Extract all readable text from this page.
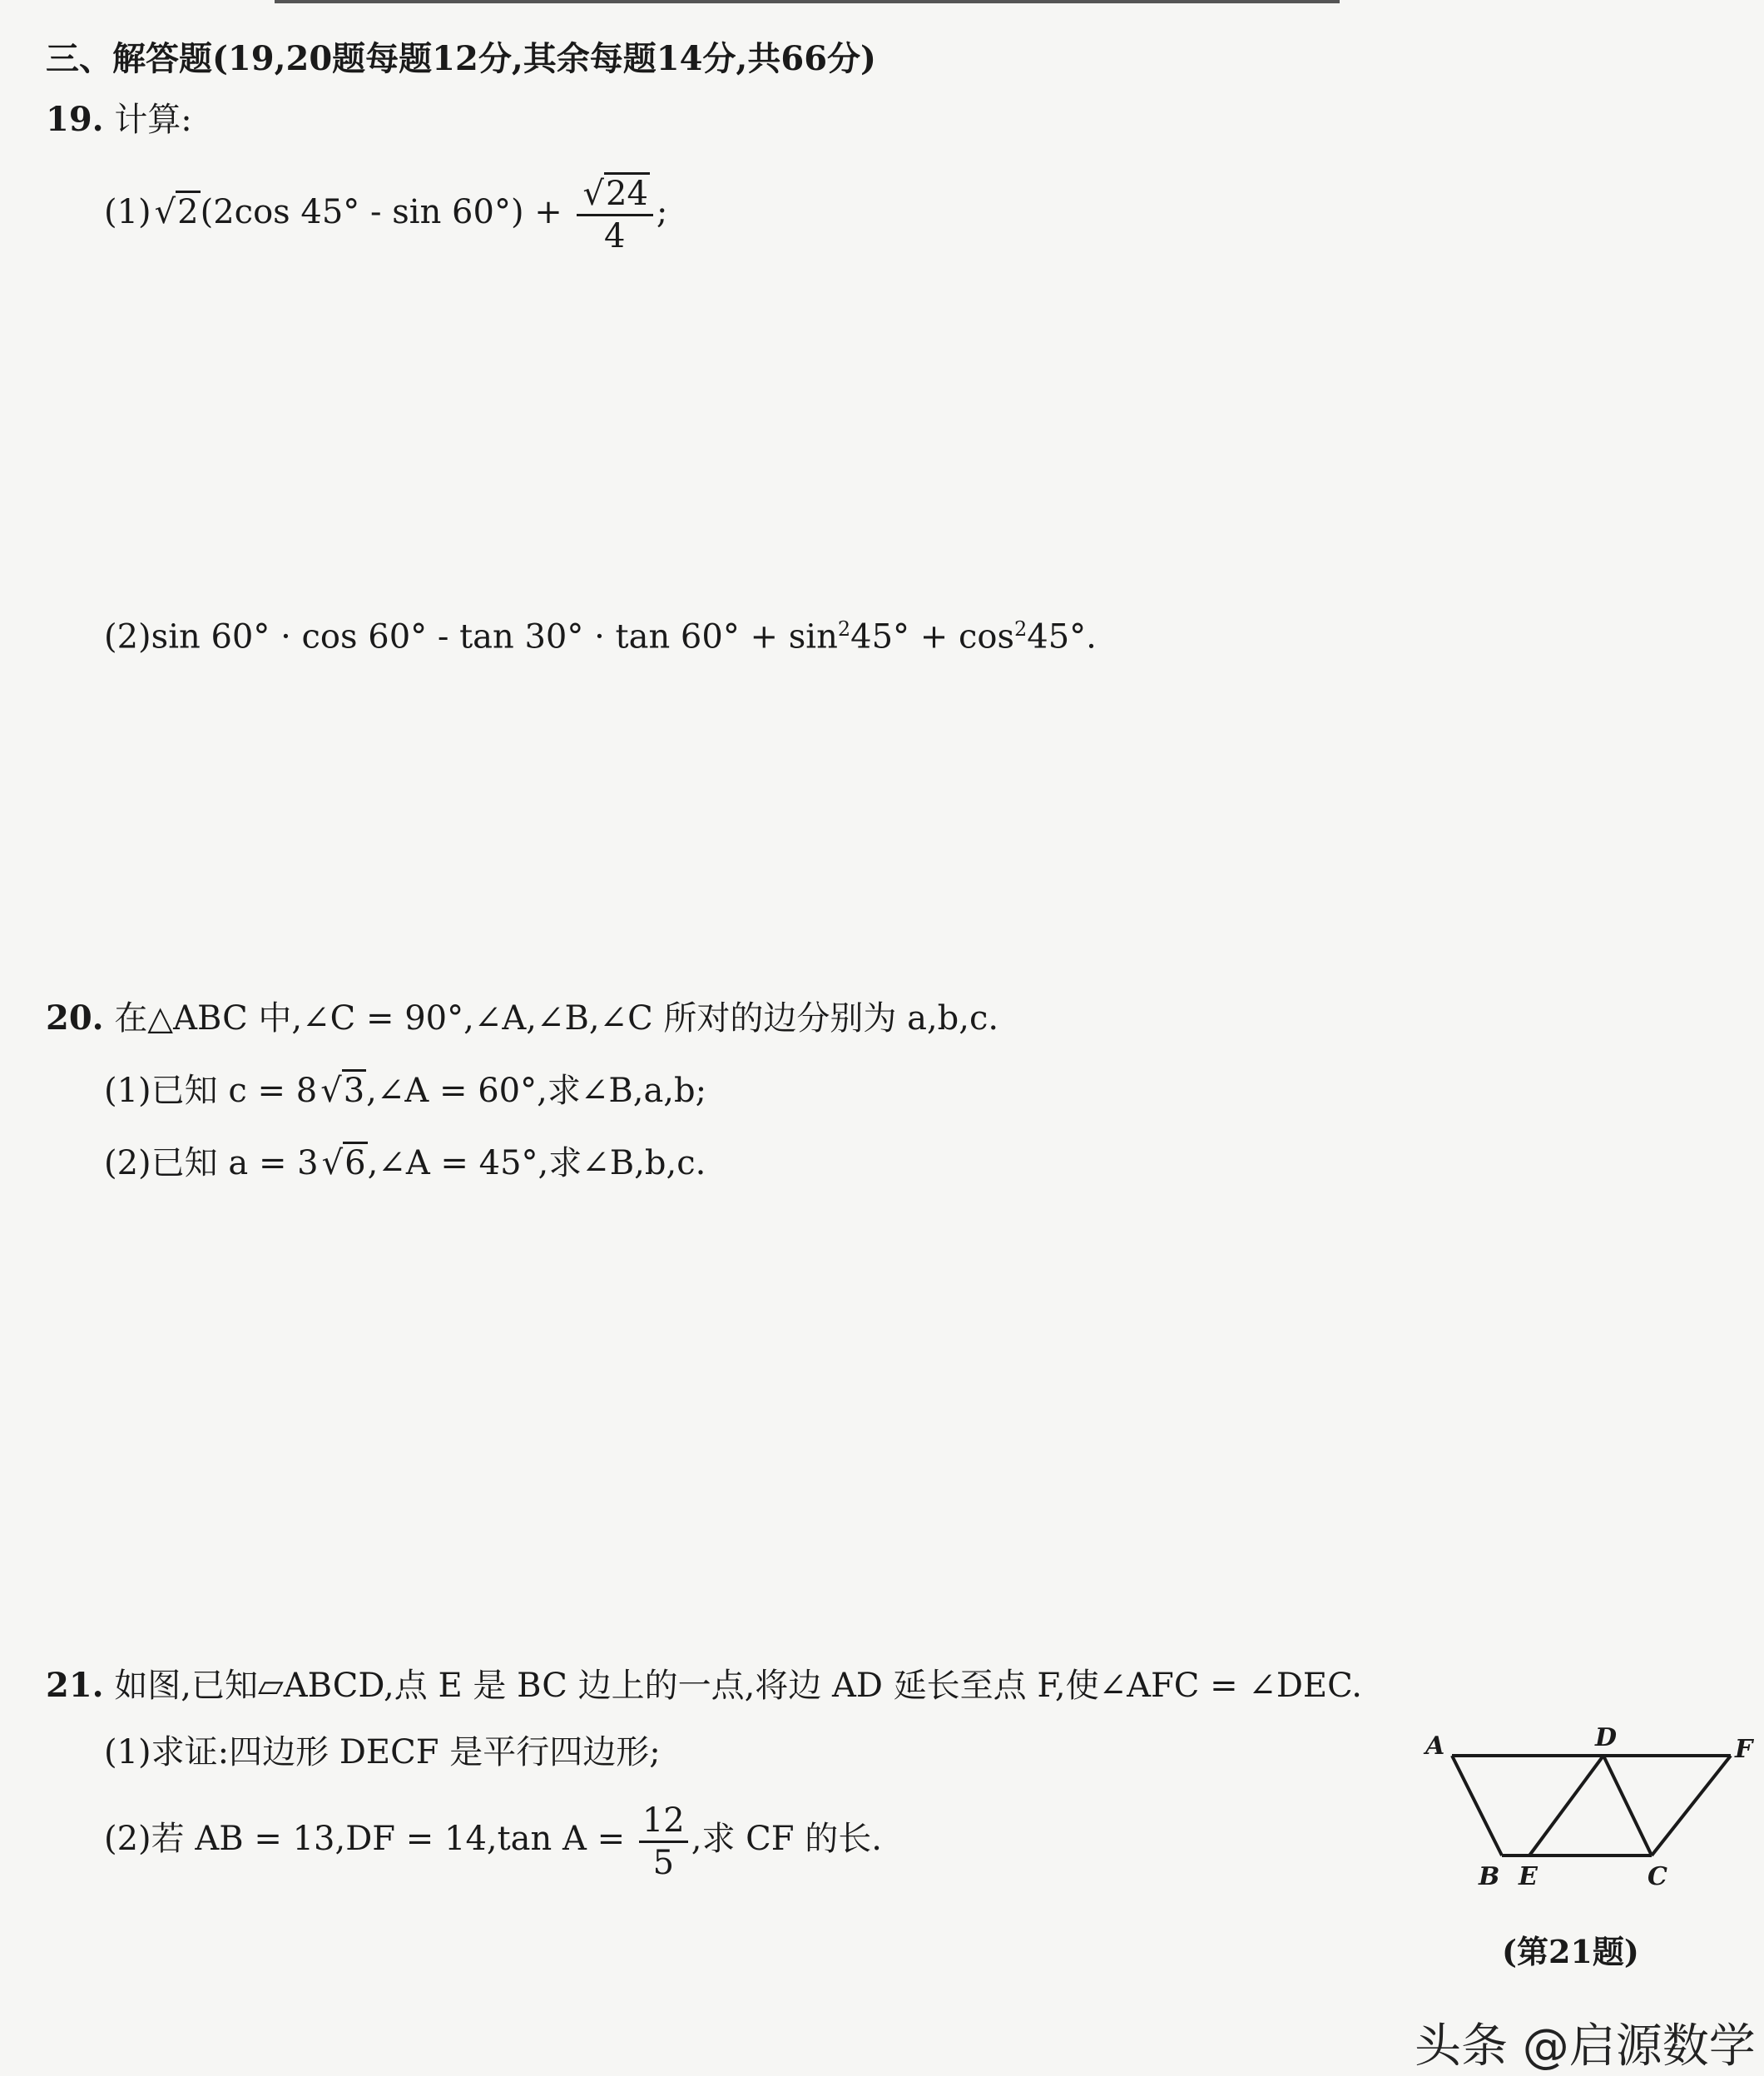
三、解答题(19,20题每题12分,其余每题14分,共66分)
19. 计算:
(1) √2(2cos $45^\circ - \sin 60^\circ) + \frac{√24}{4}$ ;
(2)sin $60^\circ \cdot \cos 60^\circ - \tan 30^\circ \cdot \tan 60^\circ + \sin^245^\circ + \cos^245^\circ$.
20. 在△ABC 中,∠C = 90°,∠A,∠B,∠C 所对的边分别为 a,b,c.
(1)已知 c = 8 √3,∠A = 60°,求∠B,a,b;
(2)已知 a = 3 √6,∠A = 45°,求∠B,b,c.
21. 如图,已知▱ABCD,点 E 是 BC 边上的一点,将边 AD 延长至点 F,使∠AFC = ∠DEC.
(1)求证:四边形 DECF 是平行四边形;
(2)若 AB = 13,DF = 14,tan $A = \frac{12}{5}$ ,求 CF 的长.
A	D	F
B E	C
(第21题)
头条 @启源数学
